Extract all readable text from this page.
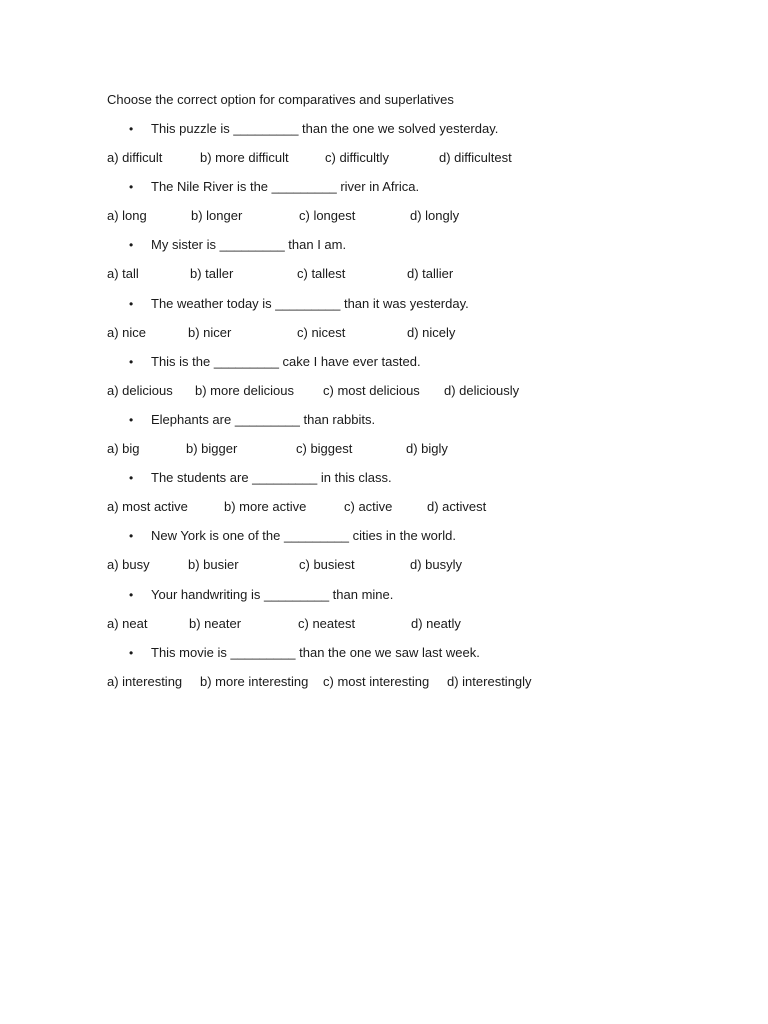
Choose the correct option for comparatives and superlatives
• This puzzle is _________ than the one we solved yesterday.
a) difficult	b) more difficult	c) difficultly	d) difficultest
• The Nile River is the _________ river in Africa.
a) long	b) longer	c) longest	d) longly
• My sister is _________ than I am.
a) tall	b) taller	c) tallest	d) tallier
• The weather today is _________ than it was yesterday.
a) nice	b) nicer	c) nicest	d) nicely
• This is the _________ cake I have ever tasted.
a) delicious b) more delicious c) most delicious d) deliciously
• Elephants are _________ than rabbits.
a) big	b) bigger	c) biggest	d) bigly
• The students are _________ in this class.
a) most active	b) more active	c) active	d) activest
• New York is one of the _________ cities in the world.
a) busy	b) busier	c) busiest	d) busyly
• Your handwriting is _________ than mine.
a) neat	b) neater	c) neatest	d) neatly
• This movie is _________ than the one we saw last week.
a) interesting b) more interesting c) most interesting d) interestingly
